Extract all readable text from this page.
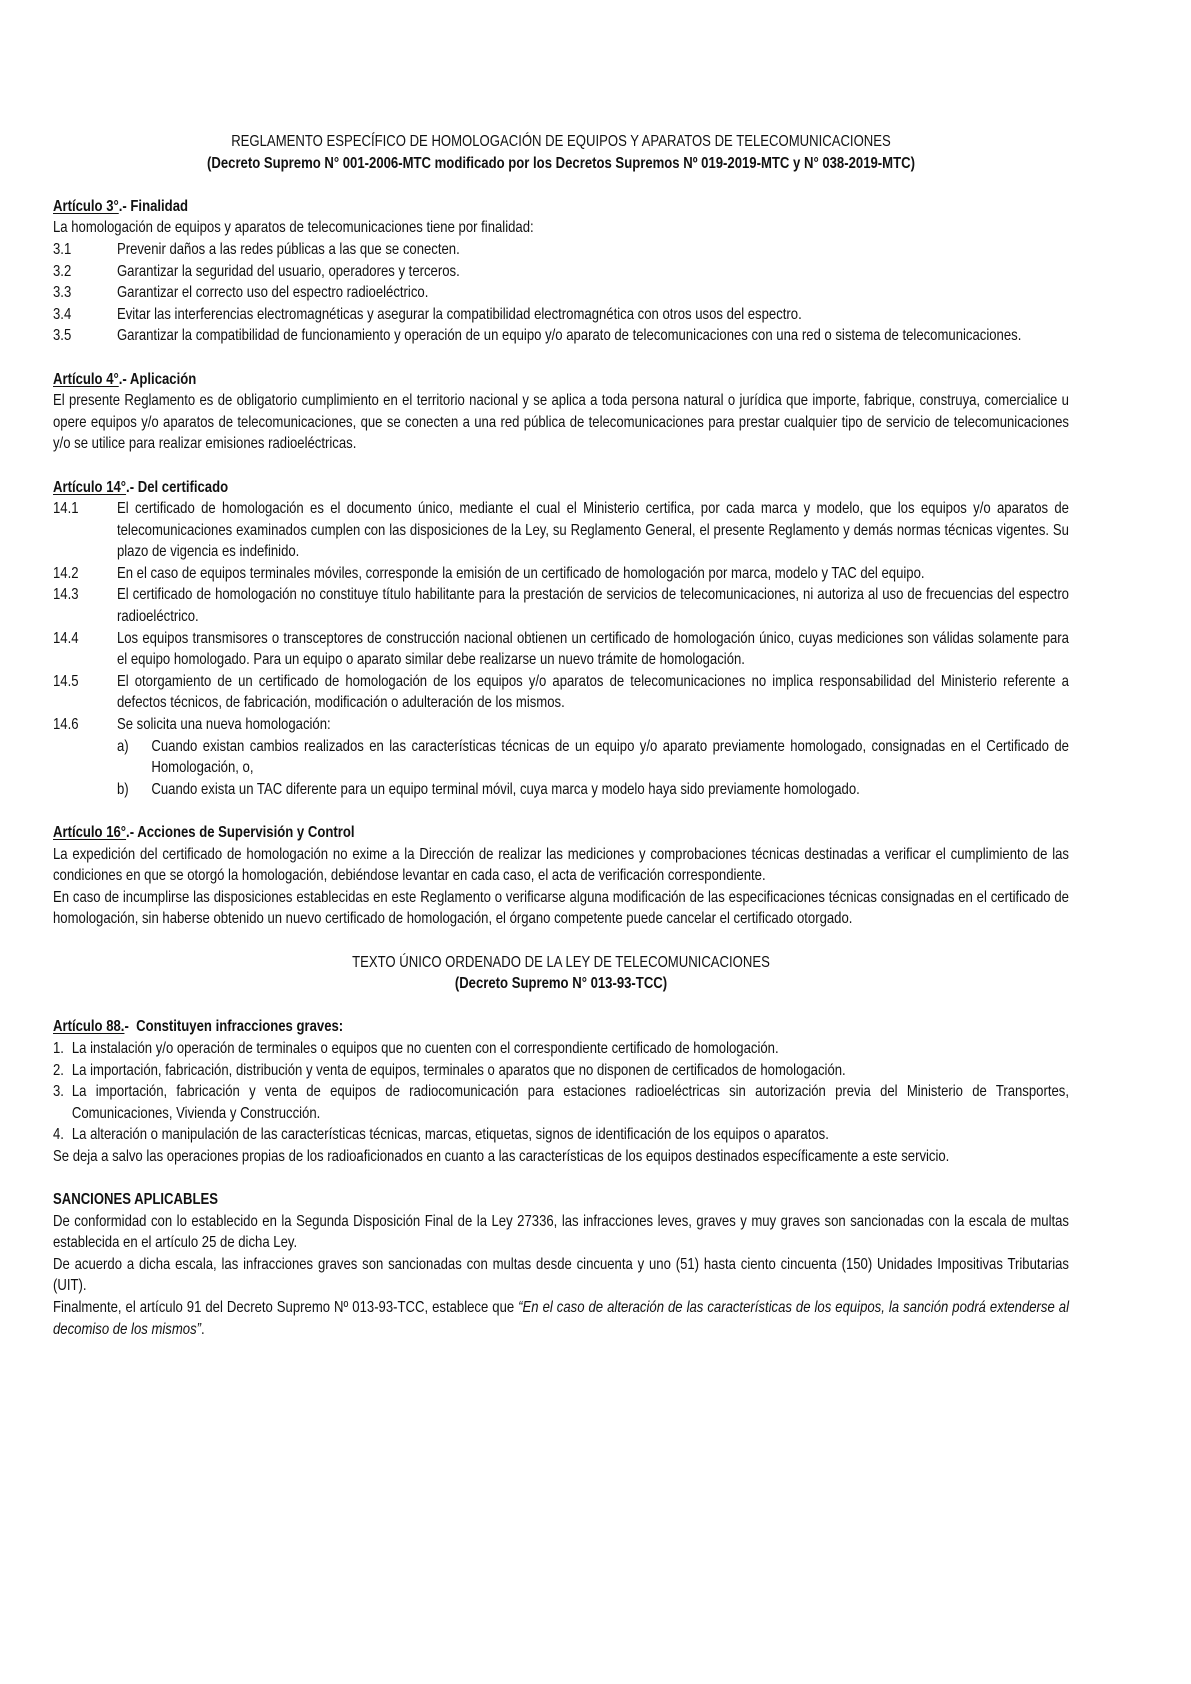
REGLAMENTO ESPECÍFICO DE HOMOLOGACIÓN DE EQUIPOS Y APARATOS DE TELECOMUNICACIONES
(Decreto Supremo N° 001-2006-MTC modificado por los Decretos Supremos Nº 019-2019-MTC y N° 038-2019-MTC)
Artículo 3°.- Finalidad
La homologación de equipos y aparatos de telecomunicaciones tiene por finalidad:
3.1	Prevenir daños a las redes públicas a las que se conecten.
3.2	Garantizar la seguridad del usuario, operadores y terceros.
3.3	Garantizar el correcto uso del espectro radioeléctrico.
3.4	Evitar las interferencias electromagnéticas y asegurar la compatibilidad electromagnética con otros usos del espectro.
3.5	Garantizar la compatibilidad de funcionamiento y operación de un equipo y/o aparato de telecomunicaciones con una red o sistema de telecomunicaciones.
Artículo 4°.- Aplicación
El presente Reglamento es de obligatorio cumplimiento en el territorio nacional y se aplica a toda persona natural o jurídica que importe, fabrique, construya, comercialice u opere equipos y/o aparatos de telecomunicaciones, que se conecten a una red pública de telecomunicaciones para prestar cualquier tipo de servicio de telecomunicaciones y/o se utilice para realizar emisiones radioeléctricas.
Artículo 14°.- Del certificado
14.1	El certificado de homologación es el documento único, mediante el cual el Ministerio certifica, por cada marca y modelo, que los equipos y/o aparatos de telecomunicaciones examinados cumplen con las disposiciones de la Ley, su Reglamento General, el presente Reglamento y demás normas técnicas vigentes. Su plazo de vigencia es indefinido.
14.2	En el caso de equipos terminales móviles, corresponde la emisión de un certificado de homologación por marca, modelo y TAC del equipo.
14.3	El certificado de homologación no constituye título habilitante para la prestación de servicios de telecomunicaciones, ni autoriza al uso de frecuencias del espectro radioeléctrico.
14.4	Los equipos transmisores o transceptores de construcción nacional obtienen un certificado de homologación único, cuyas mediciones son válidas solamente para el equipo homologado. Para un equipo o aparato similar debe realizarse un nuevo trámite de homologación.
14.5	El otorgamiento de un certificado de homologación de los equipos y/o aparatos de telecomunicaciones no implica responsabilidad del Ministerio referente a defectos técnicos, de fabricación, modificación o adulteración de los mismos.
14.6	Se solicita una nueva homologación:
a)	Cuando existan cambios realizados en las características técnicas de un equipo y/o aparato previamente homologado, consignadas en el Certificado de Homologación, o,
b)	Cuando exista un TAC diferente para un equipo terminal móvil, cuya marca y modelo haya sido previamente homologado.
Artículo 16°.- Acciones de Supervisión y Control
La expedición del certificado de homologación no exime a la Dirección de realizar las mediciones y comprobaciones técnicas destinadas a verificar el cumplimiento de las condiciones en que se otorgó la homologación, debiéndose levantar en cada caso, el acta de verificación correspondiente.
En caso de incumplirse las disposiciones establecidas en este Reglamento o verificarse alguna modificación de las especificaciones técnicas consignadas en el certificado de homologación, sin haberse obtenido un nuevo certificado de homologación, el órgano competente puede cancelar el certificado otorgado.
TEXTO ÚNICO ORDENADO DE LA LEY DE TELECOMUNICACIONES
(Decreto Supremo N° 013-93-TCC)
Artículo 88.-  Constituyen infracciones graves:
1. La instalación y/o operación de terminales o equipos que no cuenten con el correspondiente certificado de homologación.
2. La importación, fabricación, distribución y venta de equipos, terminales o aparatos que no disponen de certificados de homologación.
3. La importación, fabricación y venta de equipos de radiocomunicación para estaciones radioeléctricas sin autorización previa del Ministerio de Transportes, Comunicaciones, Vivienda y Construcción.
4. La alteración o manipulación de las características técnicas, marcas, etiquetas, signos de identificación de los equipos o aparatos.
Se deja a salvo las operaciones propias de los radioaficionados en cuanto a las características de los equipos destinados específicamente a este servicio.
SANCIONES APLICABLES
De conformidad con lo establecido en la Segunda Disposición Final de la Ley 27336, las infracciones leves, graves y muy graves son sancionadas con la escala de multas establecida en el artículo 25 de dicha Ley.
De acuerdo a dicha escala, las infracciones graves son sancionadas con multas desde cincuenta y uno (51) hasta ciento cincuenta (150) Unidades Impositivas Tributarias (UIT).
Finalmente, el artículo 91 del Decreto Supremo Nº 013-93-TCC, establece que “En el caso de alteración de las características de los equipos, la sanción podrá extenderse al decomiso de los mismos”.
